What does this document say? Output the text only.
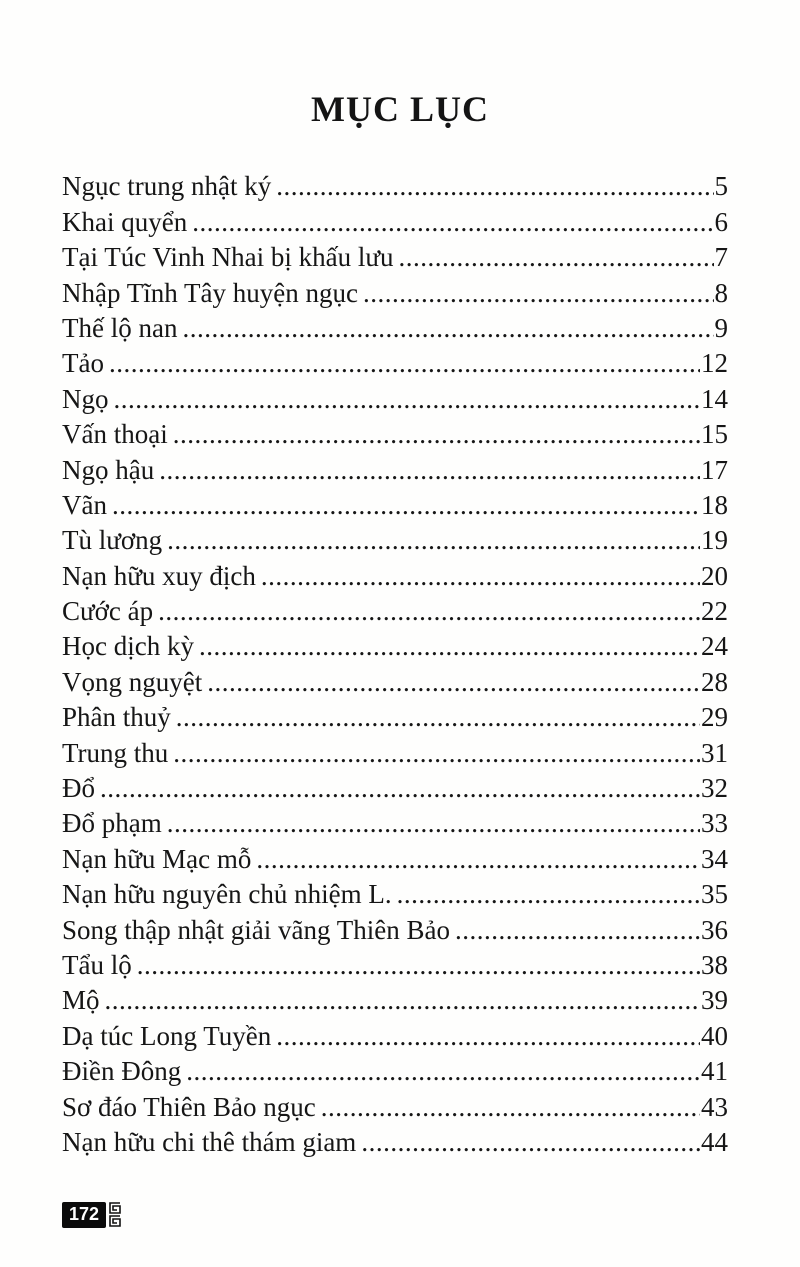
MỤC LỤC
Ngục trung nhật ký .....	5
Khai quyển .....	6
Tại Túc Vinh Nhai bị khấu lưu .....	7
Nhập Tĩnh Tây huyện ngục .....	8
Thế lộ nan .....	9
Tảo .....	12
Ngọ .....	14
Vấn thoại .....	15
Ngọ hậu .....	17
Vãn .....	18
Tù lương .....	19
Nạn hữu xuy địch .....	20
Cước áp .....	22
Học dịch kỳ .....	24
Vọng nguyệt .....	28
Phân thuỷ .....	29
Trung thu .....	31
Đổ .....	32
Đổ phạm .....	33
Nạn hữu Mạc mỗ .....	34
Nạn hữu nguyên chủ nhiệm L. .....	35
Song thập nhật giải vãng Thiên Bảo .....	36
Tẩu lộ .....	38
Mộ .....	39
Dạ túc Long Tuyền .....	40
Điền Đông .....	41
Sơ đáo Thiên Bảo ngục .....	43
Nạn hữu chi thê thám giam .....	44
172
